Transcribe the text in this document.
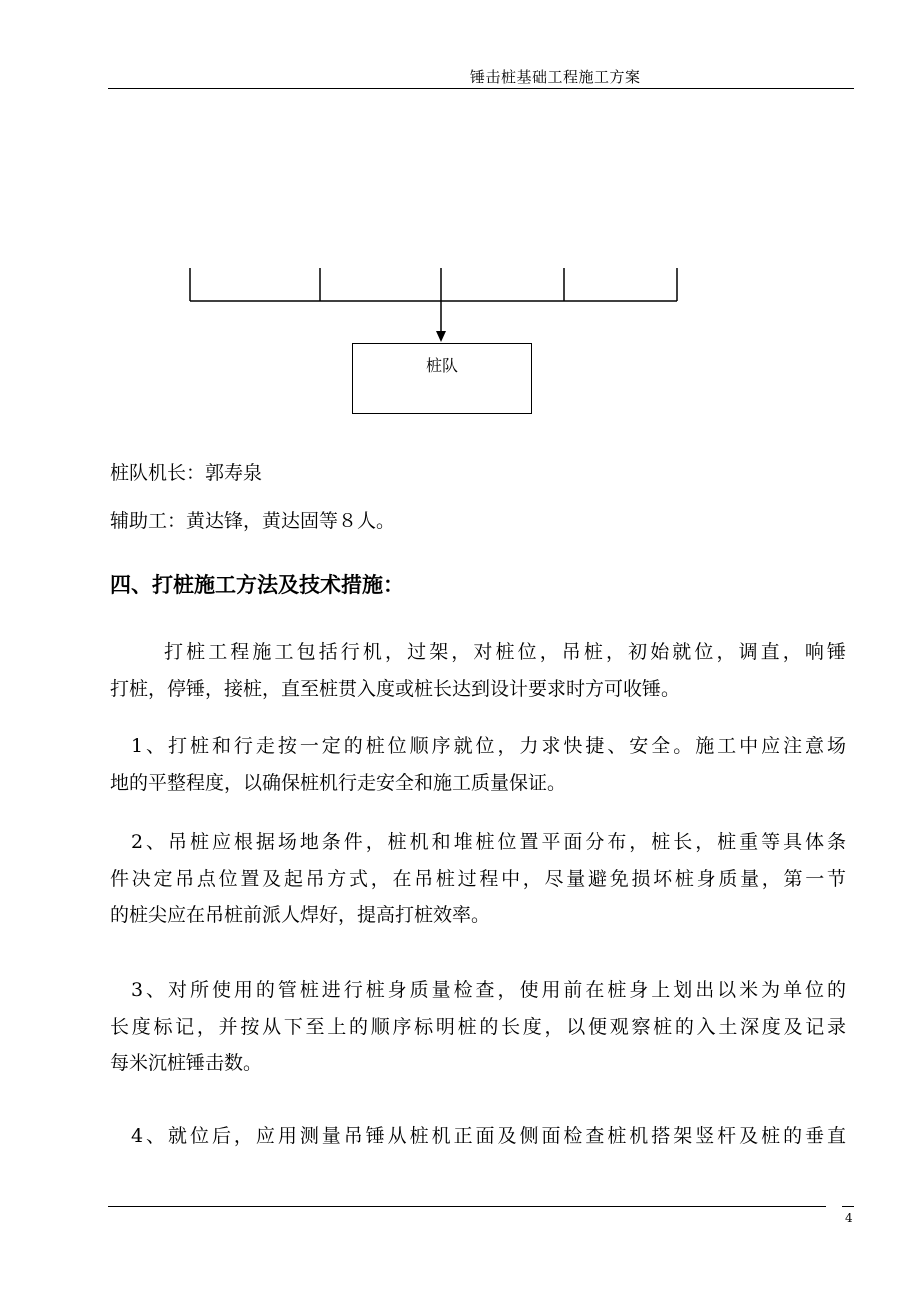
锤击桩基础工程施工方案
桩队
桩队机长：郭寿泉
辅助工：黄达锋，黄达固等８人。
四、打桩施工方法及技术措施：
打桩工程施工包括行机，过架，对桩位，吊桩，初始就位，调直，响锤
打桩，停锤，接桩，直至桩贯入度或桩长达到设计要求时方可收锤。
1、打桩和行走按一定的桩位顺序就位，力求快捷、安全。施工中应注意场
地的平整程度，以确保桩机行走安全和施工质量保证。
2、吊桩应根据场地条件，桩机和堆桩位置平面分布，桩长，桩重等具体条
件决定吊点位置及起吊方式，在吊桩过程中，尽量避免损坏桩身质量，第一节
的桩尖应在吊桩前派人焊好，提高打桩效率。
3、对所使用的管桩进行桩身质量检查，使用前在桩身上划出以米为单位的
长度标记，并按从下至上的顺序标明桩的长度，以便观察桩的入土深度及记录
每米沉桩锤击数。
4、就位后，应用测量吊锤从桩机正面及侧面检查桩机搭架竖杆及桩的垂直
4
